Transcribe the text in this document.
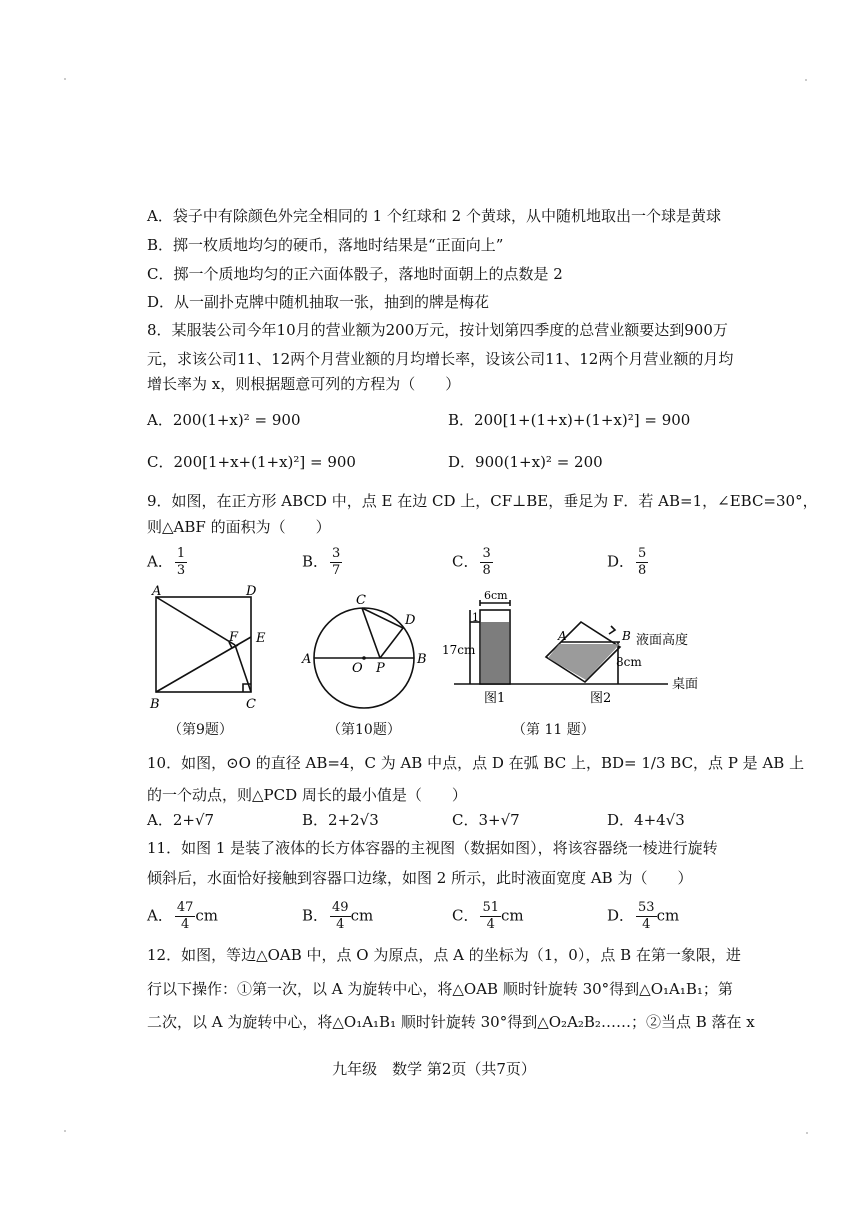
A．袋子中有除颜色外完全相同的 1 个红球和 2 个黄球，从中随机地取出一个球是黄球
B．掷一枚质地均匀的硬币，落地时结果是“正面向上”
C．掷一个质地均匀的正六面体骰子，落地时面朝上的点数是 2
D．从一副扑克牌中随机抽取一张，抽到的牌是梅花
8．某服装公司今年10月的营业额为200万元，按计划第四季度的总营业额要达到900万
元，求该公司11、12两个月营业额的月均增长率，设该公司11、12两个月营业额的月均
增长率为 x，则根据题意可列的方程为（　　）
A．200(1+x)² = 900	B．200[1+(1+x)+(1+x)²] = 900
C．200[1+x+(1+x)²] = 900	D．900(1+x)² = 200
9．如图，在正方形 ABCD 中，点 E 在边 CD 上，CF⊥BE，垂足为 F．若 AB=1，∠EBC=30°，
则△ABF 的面积为（　　）
A． $\frac{1}{3}$	B． $\frac{3}{7}$	C． $\frac{3}{8}$	D． $\frac{5}{8}$
A	D
E
F
B	C
A	B
C
D
O P
6cm
1
17cm
A	B 液面高度
8cm
桌面
图1	图2
（第9题）	（第10题）	（第 11 题）
10．如图，⊙O 的直径 AB=4，C 为 AB 中点，点 D 在弧 BC 上，BD= 1/3 BC，点 P 是 AB 上
的一个动点，则△PCD 周长的最小值是（　　）
A．2+√7	B．2+2√3	C．3+√7	D．4+4√3
11．如图 1 是装了液体的长方体容器的主视图（数据如图），将该容器绕一棱进行旋转
倾斜后，水面恰好接触到容器口边缘，如图 2 所示，此时液面宽度 AB 为（　　）
A． $\frac{47}{4}$ cm	B． $\frac{49}{4}$ cm	C． $\frac{51}{4}$ cm	D． $\frac{53}{4}$ cm
12．如图，等边△OAB 中，点 O 为原点，点 A 的坐标为（1，0），点 B 在第一象限，进
行以下操作：①第一次，以 A 为旋转中心，将△OAB 顺时针旋转 30°得到△O₁A₁B₁；第
二次，以 A 为旋转中心，将△O₁A₁B₁ 顺时针旋转 30°得到△O₂A₂B₂……；②当点 B 落在 x
九年级　数学 第2页（共7页）
